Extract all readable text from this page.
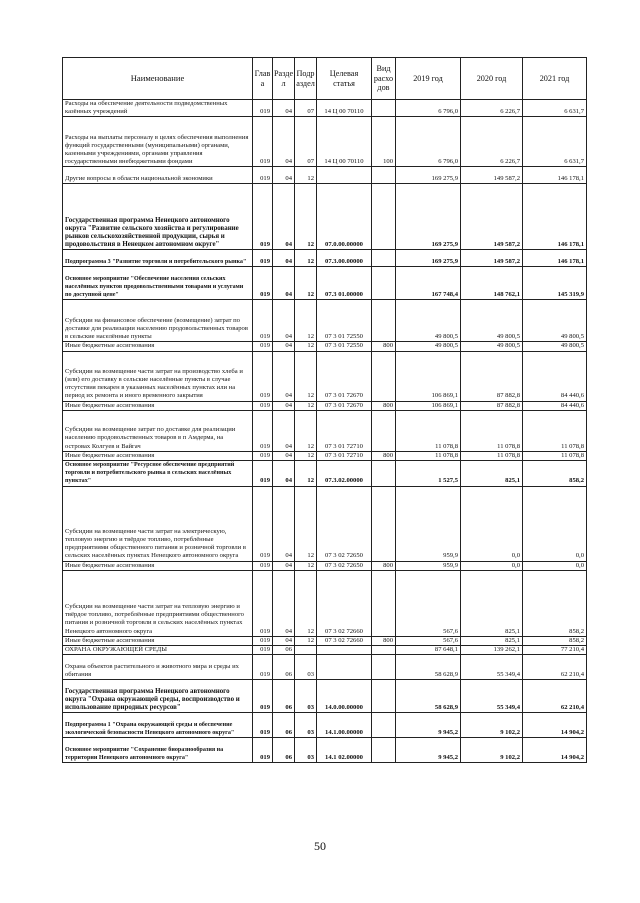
Наименование	Глав а	Разде л	Подр аздел	Целевая статья	Вид расхо дов	2019 год	2020 год	2021 год
Расходы на обеспечение деятельности подведомственных казённых учреждений	019	04	07	14 Ц 00 70110		6 796,0	6 226,7	6 631,7
Расходы на выплаты персоналу в целях обеспечения выполнения функций государственными (муниципальными) органами, казенными учреждениями, органами управления государственными внебюджетными фондами	019	04	07	14 Ц 00 70110	100	6 796,0	6 226,7	6 631,7
Другие вопросы в области национальной экономики	019	04	12			169 275,9	149 587,2	146 178,1
Государственная программа Ненецкого автономного округа "Развитие сельского хозяйства и регулирование рынков сельскохозяйственной продукции, сырья и продовольствия в Ненецком автономном округе"	019	04	12	07.0.00.00000		169 275,9	149 587,2	146 178,1
Подпрограмма 3 "Развитие торговли и потребительского рынка"	019	04	12	07.3.00.00000		169 275,9	149 587,2	146 178,1
Основное мероприятие "Обеспечение населения сельских населённых пунктов продовольственными товарами и услугами по доступной цене"	019	04	12	07.3 01.00000		167 748,4	148 762,1	145 319,9
Субсидии на финансовое обеспечение (возмещение) затрат по доставке для реализации населению продовольственных товаров в сельские населённые пункты	019	04	12	07 3 01 72550		49 800,5	49 800,5	49 800,5
Иные бюджетные ассигнования	019	04	12	07 3 01 72550	800	49 800,5	49 800,5	49 800,5
Субсидии на возмещение части затрат на производство хлеба и (или) его доставку в сельские населённые пункты в случае отсутствия пекарен в указанных населённых пунктах или на период их ремонта и иного временного закрытия	019	04	12	07 3 01 72670		106 869,1	87 882,8	84 440,6
Иные бюджетные ассигнования	019	04	12	07 3 01 72670	800	106 869,1	87 882,8	84 440,6
Субсидии на возмещение затрат по доставке для реализации населению продовольственных товаров в п Амдерма, на островах Колгуев и Вайгач	019	04	12	07 3 01 72710		11 078,8	11 078,8	11 078,8
Иные бюджетные ассигнования	019	04	12	07 3 01 72710	800	11 078,8	11 078,8	11 078,8
Основное мероприятие "Ресурсное обеспечение предприятий торговли и потребительского рынка в сельских населённых пунктах"	019	04	12	07.3.02.00000		1 527,5	825,1	858,2
Субсидии на возмещение части затрат на электрическую, тепловую энергию и твёрдое топливо, потреблённые предприятиями общественного питания и розничной торговли в сельских населённых пунктах Ненецкого автономного округа	019	04	12	07 3 02 72650		959,9	0,0	0,0
Иные бюджетные ассигнования	019	04	12	07 3 02 72650	800	959,9	0,0	0,0
Субсидии на возмещение части затрат на тепловую энергию и твёрдое топливо, потреблённые предприятиями общественного питания и розничной торговли в сельских населённых пунктах Ненецкого автономного округа	019	04	12	07 3 02 72660		567,6	825,1	858,2
Иные бюджетные ассигнования	019	04	12	07 3 02 72660	800	567,6	825,1	858,2
ОХРАНА ОКРУЖАЮЩЕЙ СРЕДЫ	019	06				87 648,1	139 262,1	77 210,4
Охрана объектов растительного и животного мира и среды их обитания	019	06	03			58 628,9	55 349,4	62 210,4
Государственная программа Ненецкого автономного округа "Охрана окружающей среды, воспроизводство и использование природных ресурсов"	019	06	03	14.0.00.00000		58 628,9	55 349,4	62 210,4
Подпрограмма 1 "Охрана окружающей среды и обеспечение экологической безопасности Ненецкого автономного округа"	019	06	03	14.1.00.00000		9 945,2	9 102,2	14 904,2
Основное мероприятие "Сохранение биоразнообразия на территории Ненецкого автономного округа"	019	06	03	14.1 02.00000		9 945,2	9 102,2	14 904,2
50
